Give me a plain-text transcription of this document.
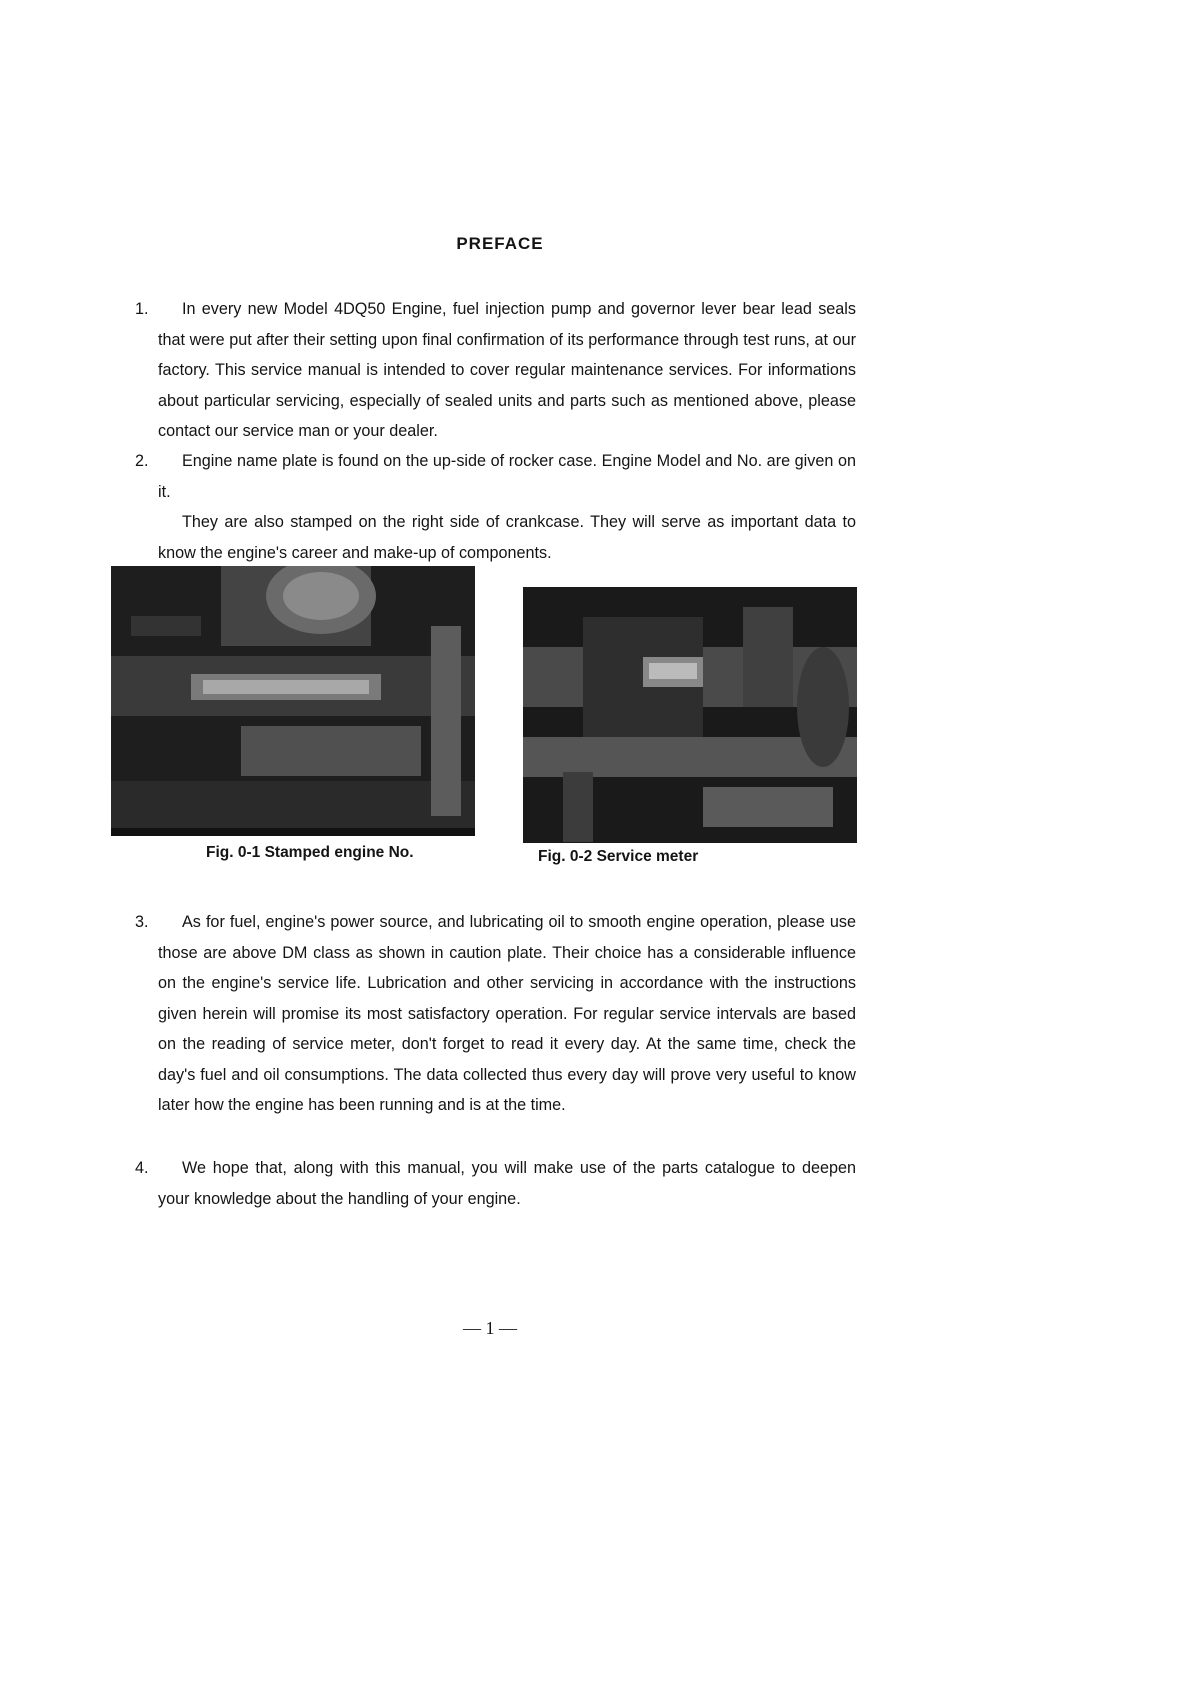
PREFACE

1.	In every new Model 4DQ50 Engine, fuel injection pump and governor lever bear lead seals that were put after their setting upon final confirmation of its performance through test runs, at our factory. This service manual is intended to cover regular maintenance services. For informations about particular servicing, especially of sealed units and parts such as mentioned above, please contact our service man or your dealer.

2.	Engine name plate is found on the up-side of rocker case. Engine Model and No. are given on it.
They are also stamped on the right side of crankcase. They will serve as important data to know the engine's career and make-up of components.

Fig. 0-1 Stamped engine No.	Fig. 0-2 Service meter

3.	As for fuel, engine's power source, and lubricating oil to smooth engine operation, please use those are above DM class as shown in caution plate. Their choice has a considerable influence on the engine's service life. Lubrication and other servicing in accordance with the instructions given herein will promise its most satisfactory operation. For regular service intervals are based on the reading of service meter, don't forget to read it every day. At the same time, check the day's fuel and oil consumptions. The data collected thus every day will prove very useful to know later how the engine has been running and is at the time.

4.	We hope that, along with this manual, you will make use of the parts catalogue to deepen your knowledge about the handling of your engine.

— 1 —
